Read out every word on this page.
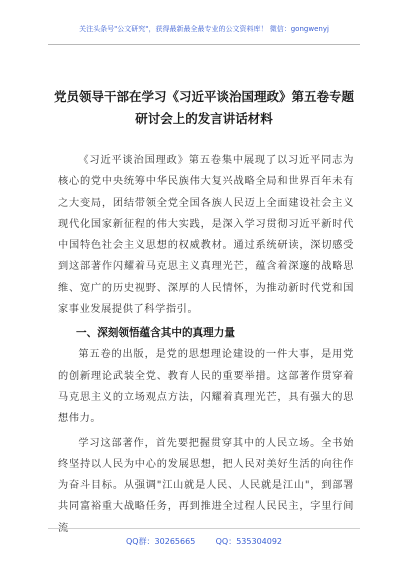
关注头条号"公文研究"，获得最新最全最专业的公文资料库！ 微信：gongwenyj
党员领导干部在学习《习近平谈治国理政》第五卷专题
研讨会上的发言讲话材料

《习近平谈治国理政》第五卷集中展现了以习近平同志为核心的党中央统筹中华民族伟大复兴战略全局和世界百年未有之大变局，团结带领全党全国各族人民迈上全面建设社会主义现代化国家新征程的伟大实践，是深入学习贯彻习近平新时代中国特色社会主义思想的权威教材。通过系统研读，深切感受到这部著作闪耀着马克思主义真理光芒，蕴含着深邃的战略思维、宽广的历史视野、深厚的人民情怀，为推动新时代党和国家事业发展提供了科学指引。

一、深刻领悟蕴含其中的真理力量

第五卷的出版，是党的思想理论建设的一件大事，是用党的创新理论武装全党、教育人民的重要举措。这部著作贯穿着马克思主义的立场观点方法，闪耀着真理光芒，具有强大的思想伟力。

学习这部著作，首先要把握贯穿其中的人民立场。全书始终坚持以人民为中心的发展思想，把人民对美好生活的向往作为奋斗目标。从强调"江山就是人民、人民就是江山"，到部署共同富裕重大战略任务，再到推进全过程人民民主，字里行间流

QQ群：30265665	QQ：535304092
